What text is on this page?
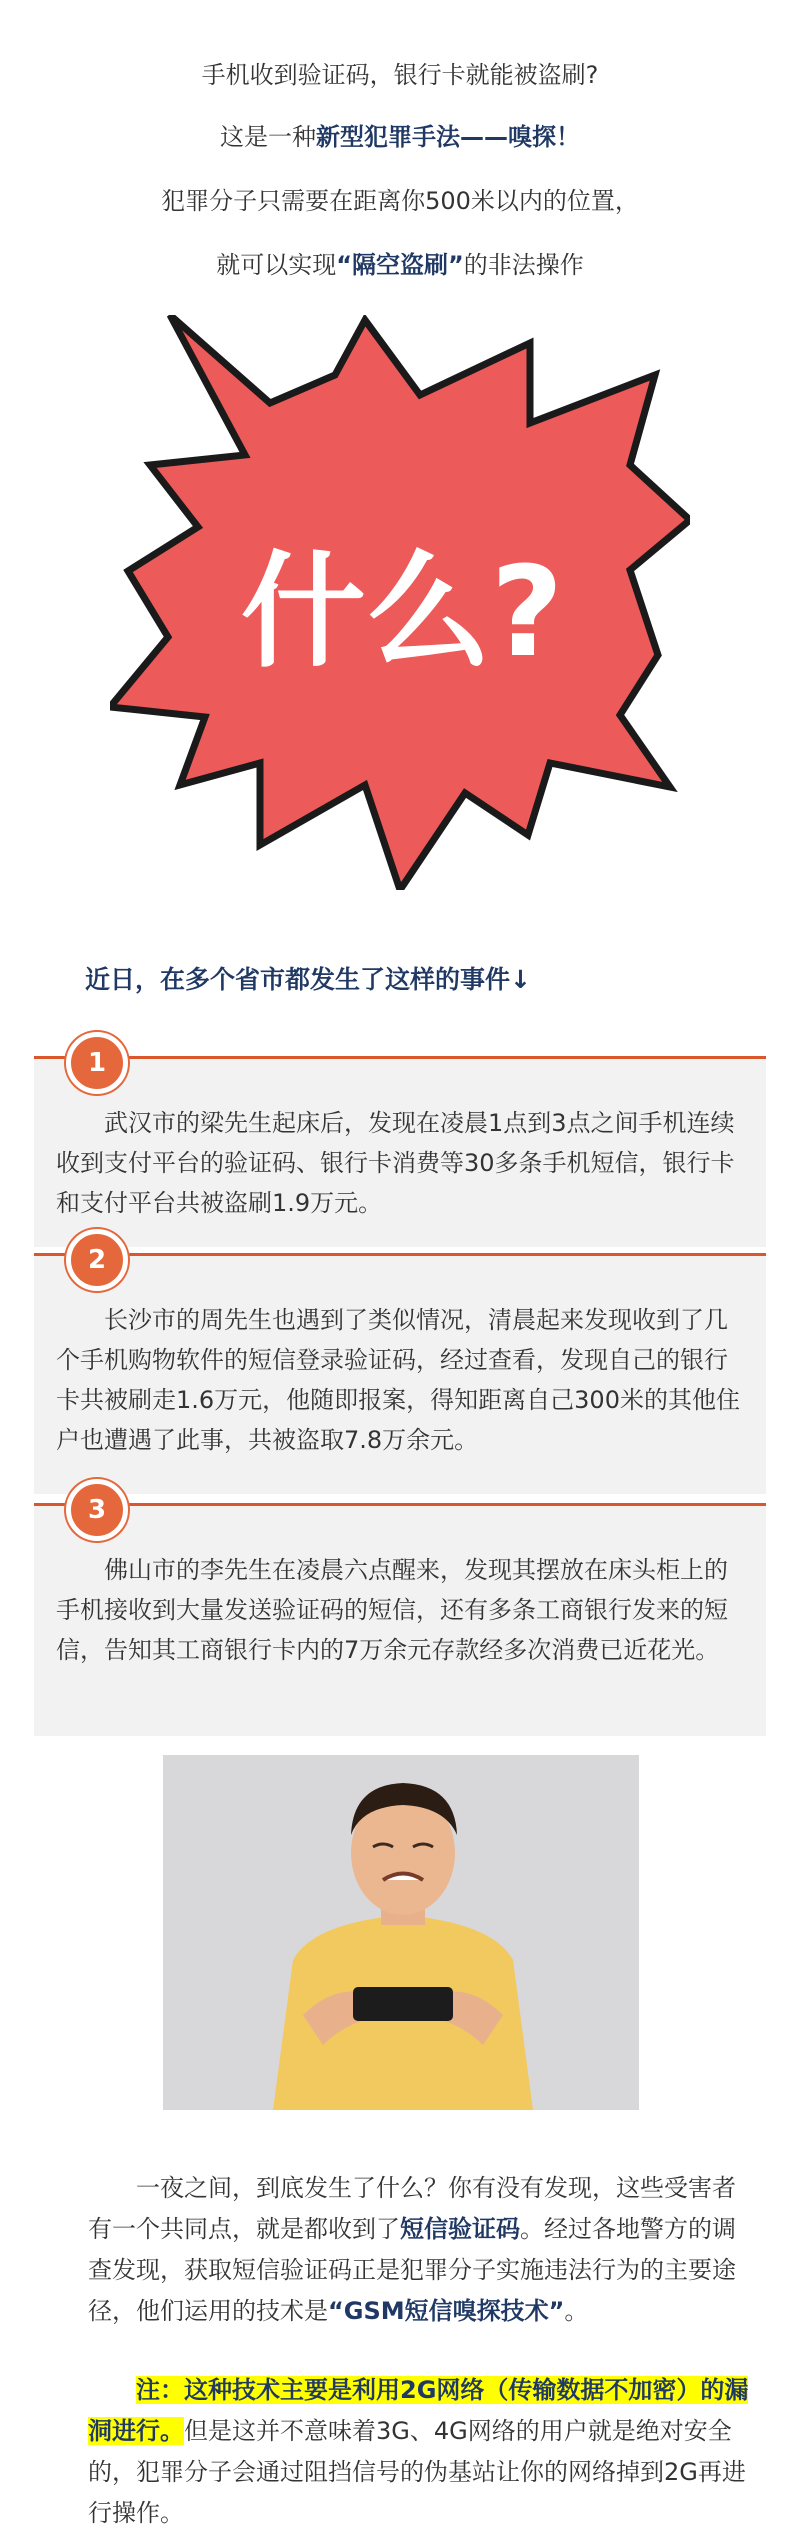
手机收到验证码，银行卡就能被盗刷?
这是一种新型犯罪手法——嗅探！
犯罪分子只需要在距离你500米以内的位置，
就可以实现“隔空盗刷”的非法操作
什么?
近日，在多个省市都发生了这样的事件↓
1

武汉市的梁先生起床后，发现在凌晨1点到3点之间手机连续收到支付平台的验证码、银行卡消费等30多条手机短信，银行卡和支付平台共被盗刷1.9万元。

2

长沙市的周先生也遇到了类似情况，清晨起来发现收到了几个手机购物软件的短信登录验证码，经过查看，发现自己的银行卡共被刷走1.6万元，他随即报案，得知距离自己300米的其他住户也遭遇了此事，共被盗取7.8万余元。

3

佛山市的李先生在凌晨六点醒来，发现其摆放在床头柜上的手机接收到大量发送验证码的短信，还有多条工商银行发来的短信，告知其工商银行卡内的7万余元存款经多次消费已近花光。

一夜之间，到底发生了什么？你有没有发现，这些受害者有一个共同点，就是都收到了短信验证码。经过各地警方的调查发现，获取短信验证码正是犯罪分子实施违法行为的主要途径，他们运用的技术是“GSM短信嗅探技术”。

注：这种技术主要是利用2G网络（传输数据不加密）的漏洞进行。但是这并不意味着3G、4G网络的用户就是绝对安全的，犯罪分子会通过阻挡信号的伪基站让你的网络掉到2G再进行操作。
